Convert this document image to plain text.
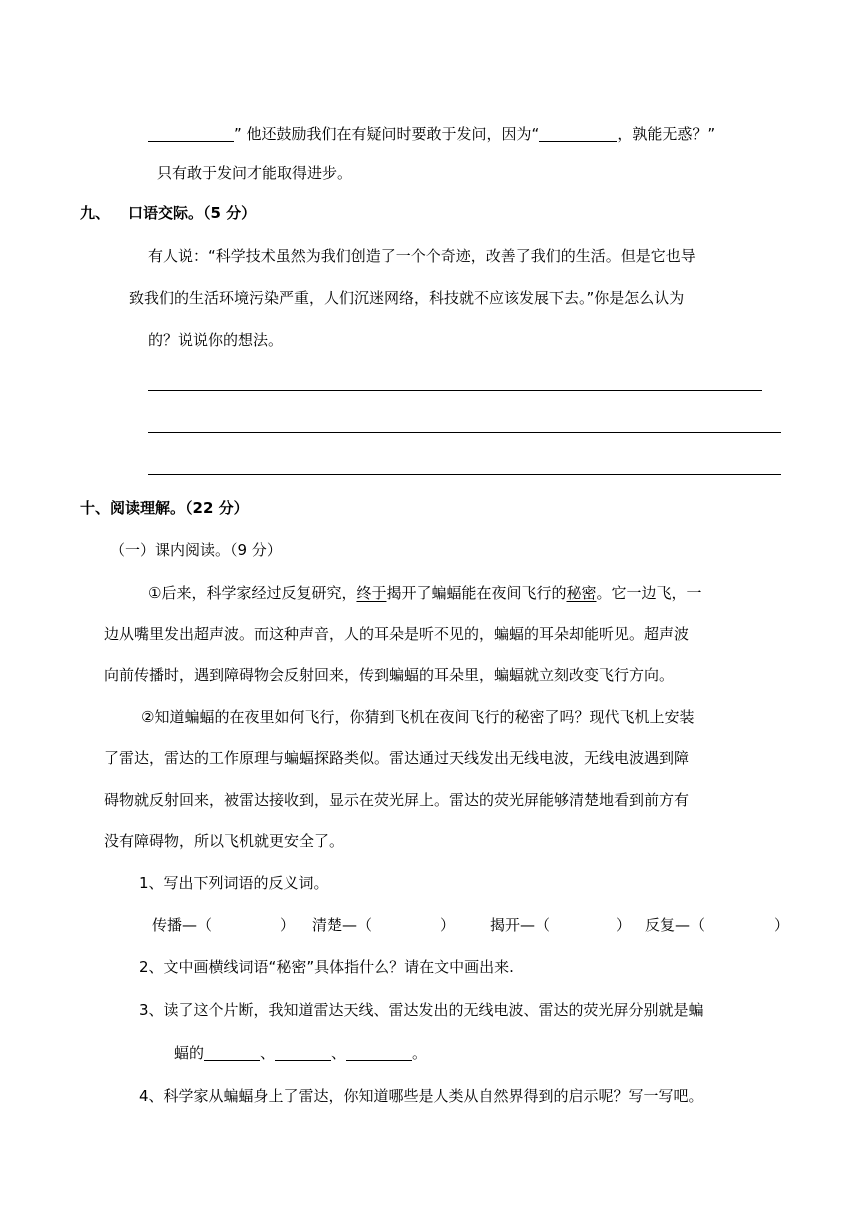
” 他还鼓励我们在有疑问时要敢于发问，因为“	，孰能无惑？”
只有敢于发问才能取得进步。
九、 口语交际。（5 分）
有人说：“科学技术虽然为我们创造了一个个奇迹，改善了我们的生活。但是它也导
致我们的生活环境污染严重，人们沉迷网络，科技就不应该发展下去。”你是怎么认为
的？说说你的想法。
十、阅读理解。（22 分）
（一）课内阅读。（9 分）
①后来，科学家经过反复研究，终于揭开了蝙蝠能在夜间飞行的秘密。它一边飞，一
边从嘴里发出超声波。而这种声音，人的耳朵是听不见的，蝙蝠的耳朵却能听见。超声波
向前传播时，遇到障碍物会反射回来，传到蝙蝠的耳朵里，蝙蝠就立刻改变飞行方向。
②知道蝙蝠的在夜里如何飞行，你猜到飞机在夜间飞行的秘密了吗？现代飞机上安装
了雷达，雷达的工作原理与蝙蝠探路类似。雷达通过天线发出无线电波，无线电波遇到障
碍物就反射回来，被雷达接收到，显示在荧光屏上。雷达的荧光屏能够清楚地看到前方有
没有障碍物，所以飞机就更安全了。
1、写出下列词语的反义词。
传播—（	） 清楚—（	） 揭开—（	） 反复—（	）
2、文中画横线词语“秘密”具体指什么？请在文中画出来.
3、读了这个片断，我知道雷达天线、雷达发出的无线电波、雷达的荧光屏分别就是蝙
蝠的	、	、	。
4、科学家从蝙蝠身上了雷达，你知道哪些是人类从自然界得到的启示呢？写一写吧。
